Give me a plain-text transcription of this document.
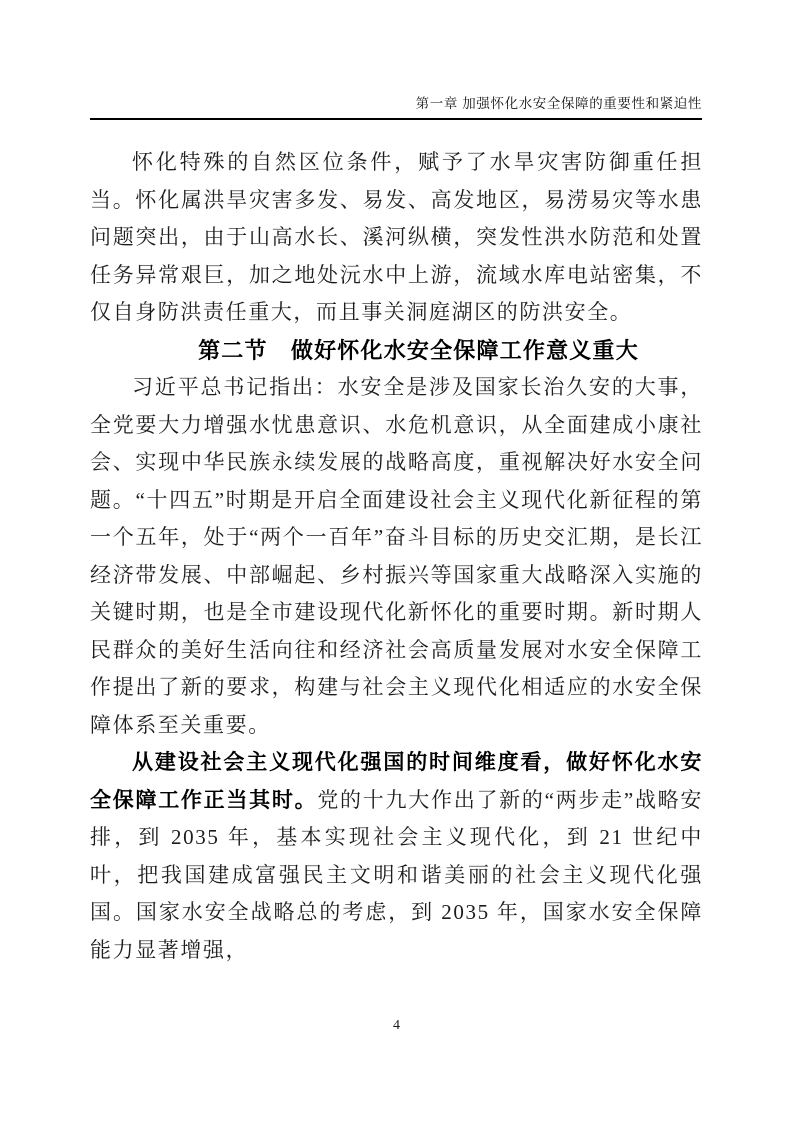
第一章 加强怀化水安全保障的重要性和紧迫性

怀化特殊的自然区位条件，赋予了水旱灾害防御重任担当。怀化属洪旱灾害多发、易发、高发地区，易涝易灾等水患问题突出，由于山高水长、溪河纵横，突发性洪水防范和处置任务异常艰巨，加之地处沅水中上游，流域水库电站密集，不仅自身防洪责任重大，而且事关洞庭湖区的防洪安全。

第二节　做好怀化水安全保障工作意义重大

习近平总书记指出：水安全是涉及国家长治久安的大事，全党要大力增强水忧患意识、水危机意识，从全面建成小康社会、实现中华民族永续发展的战略高度，重视解决好水安全问题。“十四五”时期是开启全面建设社会主义现代化新征程的第一个五年，处于“两个一百年”奋斗目标的历史交汇期，是长江经济带发展、中部崛起、乡村振兴等国家重大战略深入实施的关键时期，也是全市建设现代化新怀化的重要时期。新时期人民群众的美好生活向往和经济社会高质量发展对水安全保障工作提出了新的要求，构建与社会主义现代化相适应的水安全保障体系至关重要。

从建设社会主义现代化强国的时间维度看，做好怀化水安全保障工作正当其时。党的十九大作出了新的“两步走”战略安排，到 2035 年，基本实现社会主义现代化，到 21 世纪中叶，把我国建成富强民主文明和谐美丽的社会主义现代化强国。国家水安全战略总的考虑，到 2035 年，国家水安全保障能力显著增强，

4
